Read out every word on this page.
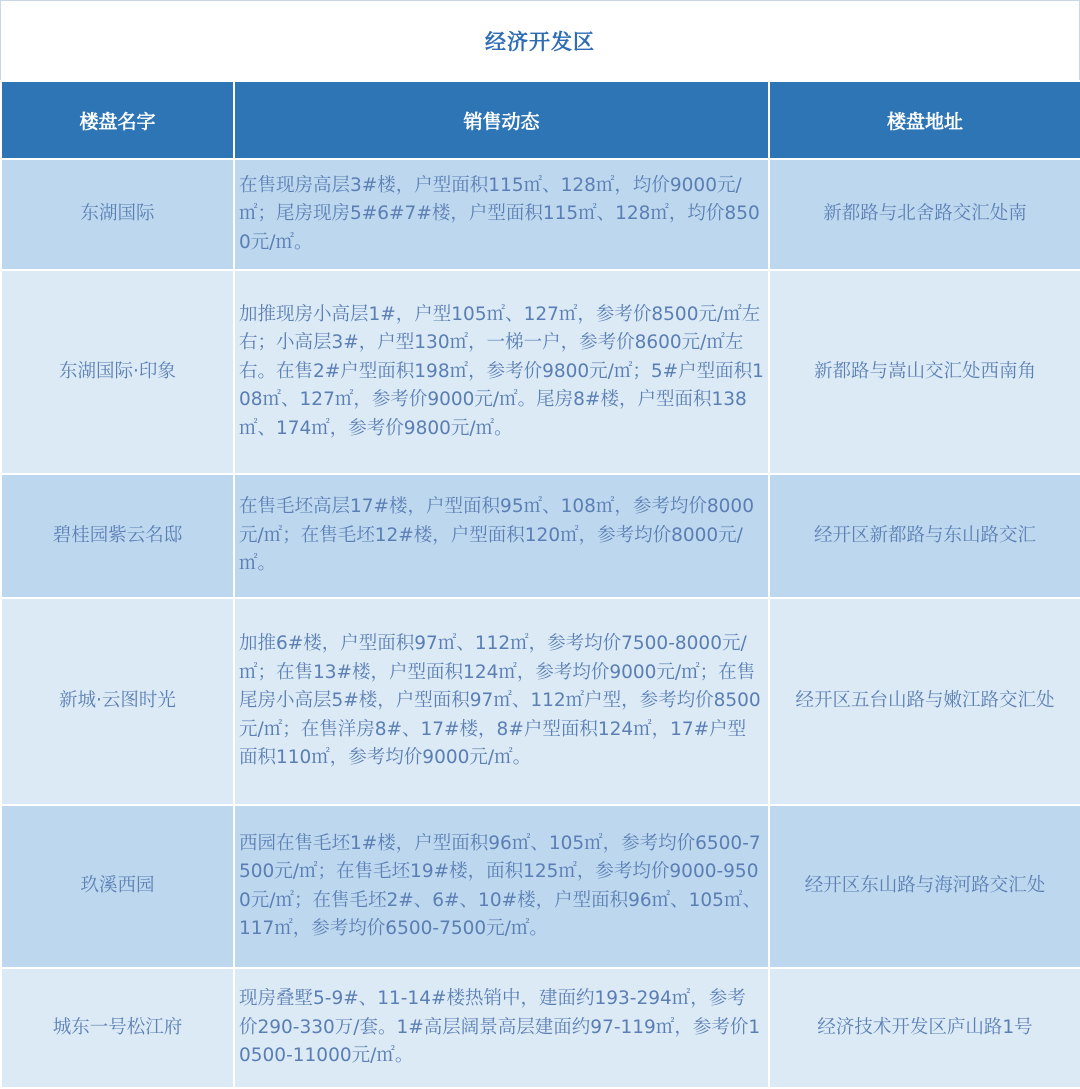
经济开发区
楼盘名字	销售动态	楼盘地址
东湖国际	在售现房高层3#楼，户型面积115㎡、128㎡，均价9000元/㎡；尾房现房5#6#7#楼，户型面积115㎡、128㎡，均价8500元/㎡。	新都路与北舍路交汇处南
东湖国际·印象	加推现房小高层1#，户型105㎡、127㎡，参考价8500元/㎡左右；小高层3#，户型130㎡，一梯一户，参考价8600元/㎡左右。在售2#户型面积198㎡，参考价9800元/㎡；5#户型面积108㎡、127㎡，参考价9000元/㎡。尾房8#楼，户型面积138㎡、174㎡，参考价9800元/㎡。	新都路与嵩山交汇处西南角
碧桂园紫云名邸	在售毛坯高层17#楼，户型面积95㎡、108㎡，参考均价8000元/㎡；在售毛坯12#楼，户型面积120㎡，参考均价8000元/㎡。	经开区新都路与东山路交汇
新城·云图时光	加推6#楼，户型面积97㎡、112㎡，参考均价7500-8000元/㎡；在售13#楼，户型面积124㎡，参考均价9000元/㎡；在售尾房小高层5#楼，户型面积97㎡、112㎡户型，参考均价8500元/㎡；在售洋房8#、17#楼，8#户型面积124㎡，17#户型面积110㎡，参考均价9000元/㎡。	经开区五台山路与嫩江路交汇处
玖溪西园	西园在售毛坯1#楼，户型面积96㎡、105㎡，参考均价6500-7500元/㎡；在售毛坯19#楼，面积125㎡，参考均价9000-9500元/㎡；在售毛坯2#、6#、10#楼，户型面积96㎡、105㎡、117㎡，参考均价6500-7500元/㎡。	经开区东山路与海河路交汇处
城东一号松江府	现房叠墅5-9#、11-14#楼热销中，建面约193-294㎡，参考价290-330万/套。1#高层阔景高层建面约97-119㎡，参考价10500-11000元/㎡。	经济技术开发区庐山路1号
